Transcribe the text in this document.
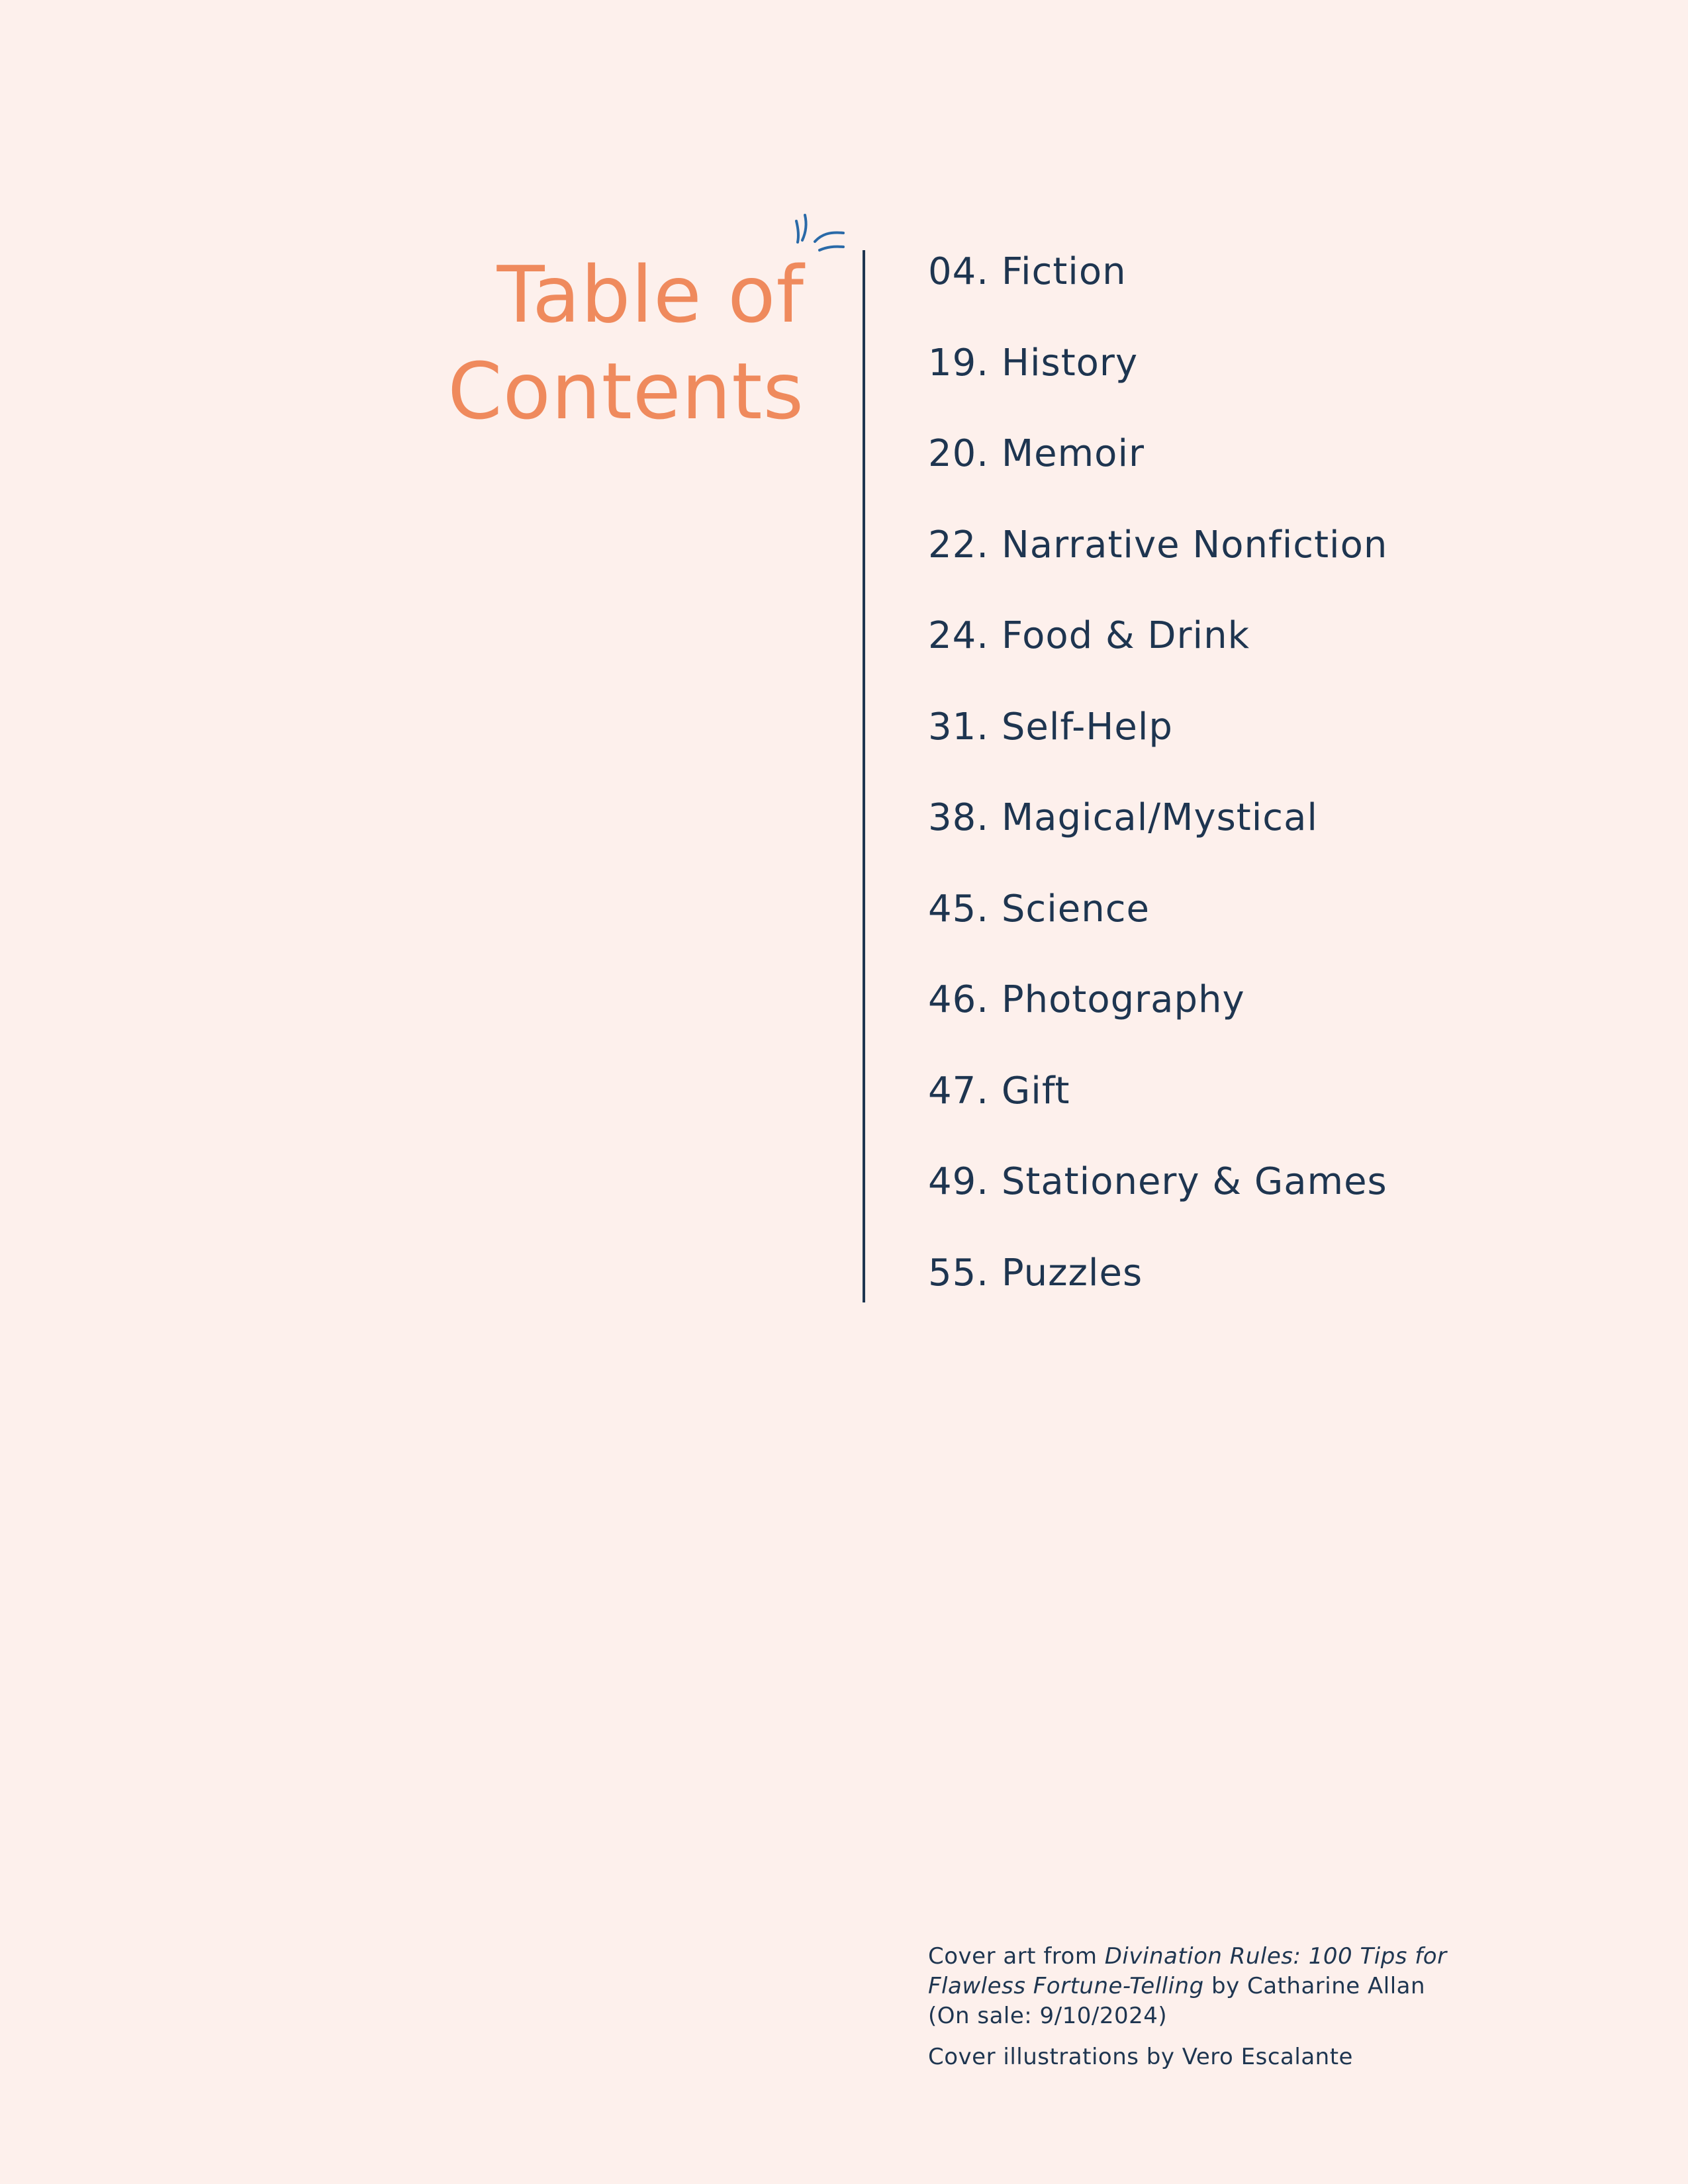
Table of
Contents
04. Fiction
19. History
20. Memoir
22. Narrative Nonfiction
24. Food & Drink
31. Self-Help
38. Magical/Mystical
45. Science
46. Photography
47. Gift
49. Stationery & Games
55. Puzzles

Cover art from Divination Rules: 100 Tips for Flawless Fortune-Telling by Catharine Allan
(On sale: 9/10/2024)

Cover illustrations by Vero Escalante
